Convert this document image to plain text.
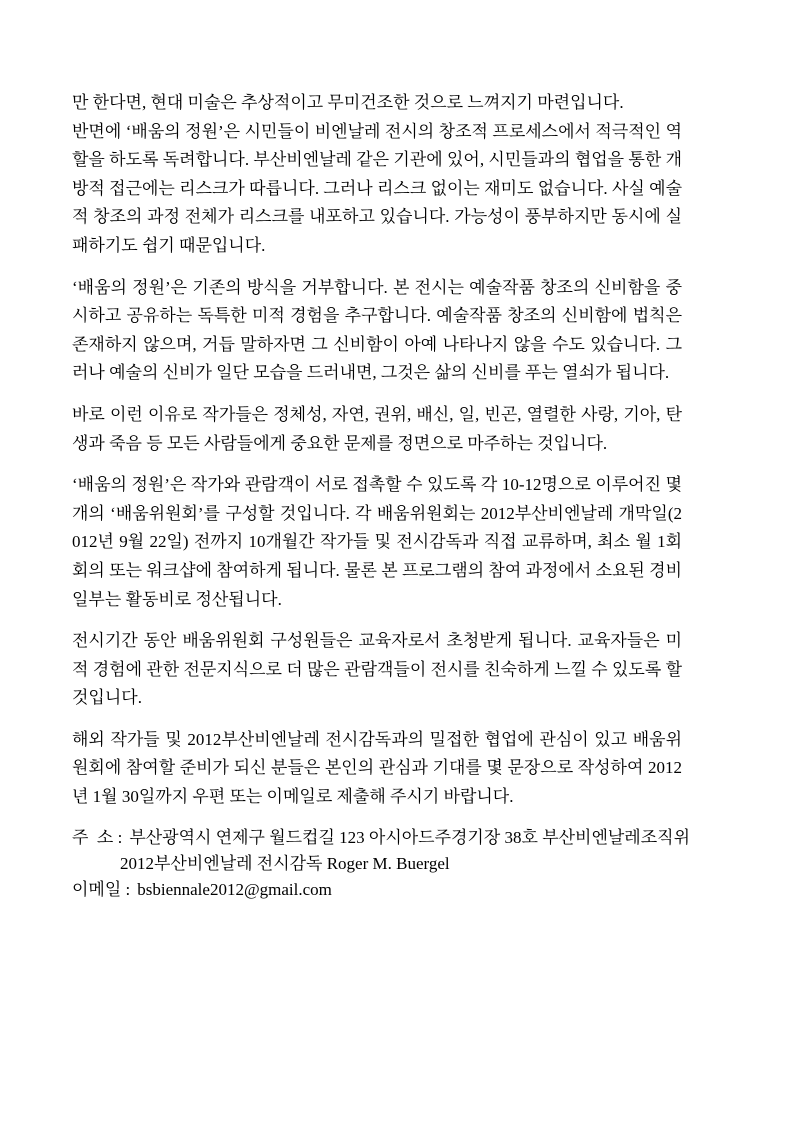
만 한다면, 현대 미술은 추상적이고 무미건조한 것으로 느껴지기 마련입니다.

반면에 ‘배움의 정원’은 시민들이 비엔날레 전시의 창조적 프로세스에서 적극적인 역할을 하도록 독려합니다. 부산비엔날레 같은 기관에 있어, 시민들과의 협업을 통한 개방적 접근에는 리스크가 따릅니다. 그러나 리스크 없이는 재미도 없습니다. 사실 예술적 창조의 과정 전체가 리스크를 내포하고 있습니다. 가능성이 풍부하지만 동시에 실패하기도 쉽기 때문입니다.

‘배움의 정원’은 기존의 방식을 거부합니다. 본 전시는 예술작품 창조의 신비함을 중시하고 공유하는 독특한 미적 경험을 추구합니다. 예술작품 창조의 신비함에 법칙은 존재하지 않으며, 거듭 말하자면 그 신비함이 아예 나타나지 않을 수도 있습니다. 그러나 예술의 신비가 일단 모습을 드러내면, 그것은 삶의 신비를 푸는 열쇠가 됩니다.

바로 이런 이유로 작가들은 정체성, 자연, 권위, 배신, 일, 빈곤, 열렬한 사랑, 기아, 탄생과 죽음 등 모든 사람들에게 중요한 문제를 정면으로 마주하는 것입니다.

‘배움의 정원’은 작가와 관람객이 서로 접촉할 수 있도록 각 10-12명으로 이루어진 몇 개의 ‘배움위원회’를 구성할 것입니다. 각 배움위원회는 2012부산비엔날레 개막일(2012년 9월 22일) 전까지 10개월간 작가들 및 전시감독과 직접 교류하며, 최소 월 1회 회의 또는 워크샵에 참여하게 됩니다. 물론 본 프로그램의 참여 과정에서 소요된 경비 일부는 활동비로 정산됩니다.

전시기간 동안 배움위원회 구성원들은 교육자로서 초청받게 됩니다. 교육자들은 미적 경험에 관한 전문지식으로 더 많은 관람객들이 전시를 친숙하게 느낄 수 있도록 할 것입니다.

해외 작가들 및 2012부산비엔날레 전시감독과의 밀접한 협업에 관심이 있고 배움위원회에 참여할 준비가 되신 분들은 본인의 관심과 기대를 몇 문장으로 작성하여 2012년 1월 30일까지 우편 또는 이메일로 제출해 주시기 바랍니다.

주  소 : 부산광역시 연제구 월드컵길 123 아시아드주경기장 38호 부산비엔날레조직위
2012부산비엔날레 전시감독 Roger M. Buergel
이메일 : bsbiennale2012@gmail.com
